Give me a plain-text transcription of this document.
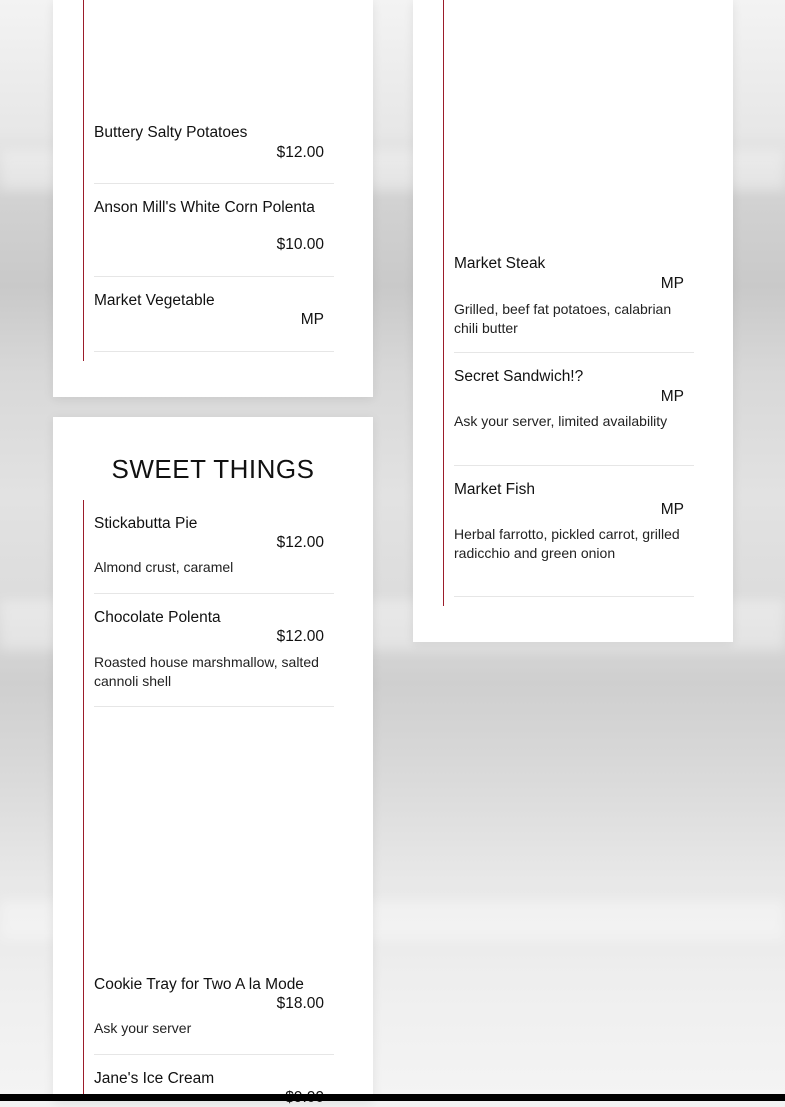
Buttery Salty Potatoes
$12.00
Anson Mill's White Corn Polenta
$10.00
Market Vegetable
MP
Market Steak
MP
Grilled, beef fat potatoes, calabrian chili butter
Secret Sandwich!?
MP
Ask your server, limited availability
Market Fish
MP
Herbal farrotto, pickled carrot, grilled radicchio and green onion
SWEET THINGS
Stickabutta Pie
$12.00
Almond crust, caramel
Chocolate Polenta
$12.00
Roasted house marshmallow, salted cannoli shell
Cookie Tray for Two A la Mode
$18.00
Ask your server
Jane's Ice Cream
